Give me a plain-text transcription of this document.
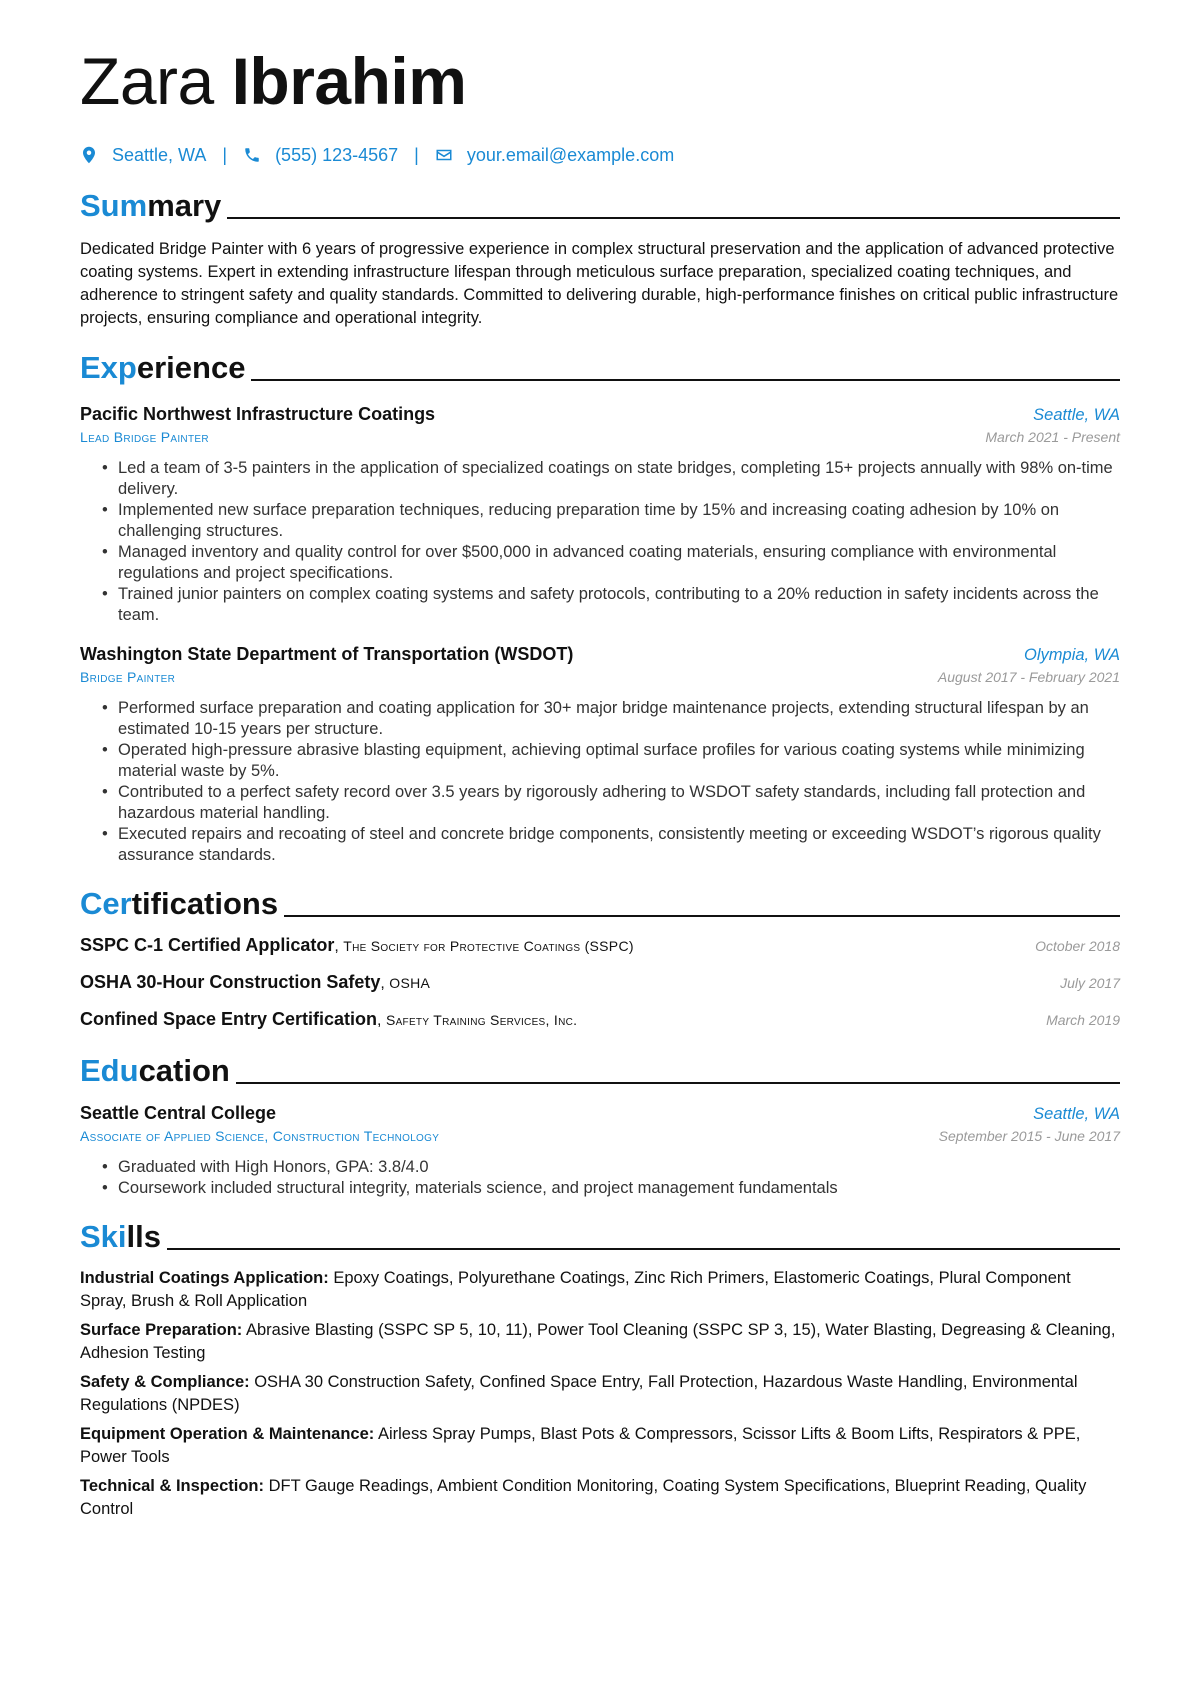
Zara Ibrahim
Seattle, WA |	(555) 123-4567 |	your.email@example.com
Summary
Dedicated Bridge Painter with 6 years of progressive experience in complex structural preservation and the application of advanced protective coating systems. Expert in extending infrastructure lifespan through meticulous surface preparation, specialized coating techniques, and adherence to stringent safety and quality standards. Committed to delivering durable, high-performance finishes on critical public infrastructure projects, ensuring compliance and operational integrity.
Experience
Pacific Northwest Infrastructure Coatings	Seattle, WA
Lead Bridge Painter	March 2021 - Present
• Led a team of 3-5 painters in the application of specialized coatings on state bridges, completing 15+ projects annually with 98% on-time delivery.
• Implemented new surface preparation techniques, reducing preparation time by 15% and increasing coating adhesion by 10% on challenging structures.
• Managed inventory and quality control for over $500,000 in advanced coating materials, ensuring compliance with environmental regulations and project specifications.
• Trained junior painters on complex coating systems and safety protocols, contributing to a 20% reduction in safety incidents across the team.
Washington State Department of Transportation (WSDOT)	Olympia, WA
Bridge Painter	August 2017 - February 2021
• Performed surface preparation and coating application for 30+ major bridge maintenance projects, extending structural lifespan by an estimated 10-15 years per structure.
• Operated high-pressure abrasive blasting equipment, achieving optimal surface profiles for various coating systems while minimizing material waste by 5%.
• Contributed to a perfect safety record over 3.5 years by rigorously adhering to WSDOT safety standards, including fall protection and hazardous material handling.
• Executed repairs and recoating of steel and concrete bridge components, consistently meeting or exceeding WSDOT’s rigorous quality assurance standards.
Certifications
SSPC C-1 Certified Applicator, The Society for Protective Coatings (SSPC)	October 2018
OSHA 30-Hour Construction Safety, OSHA	July 2017
Confined Space Entry Certification, Safety Training Services, Inc.	March 2019
Education
Seattle Central College	Seattle, WA
Associate of Applied Science, Construction Technology	September 2015 - June 2017
• Graduated with High Honors, GPA: 3.8/4.0
• Coursework included structural integrity, materials science, and project management fundamentals
Skills
Industrial Coatings Application: Epoxy Coatings, Polyurethane Coatings, Zinc Rich Primers, Elastomeric Coatings, Plural Component Spray, Brush & Roll Application
Surface Preparation: Abrasive Blasting (SSPC SP 5, 10, 11), Power Tool Cleaning (SSPC SP 3, 15), Water Blasting, Degreasing & Cleaning, Adhesion Testing
Safety & Compliance: OSHA 30 Construction Safety, Confined Space Entry, Fall Protection, Hazardous Waste Handling, Environmental Regulations (NPDES)
Equipment Operation & Maintenance: Airless Spray Pumps, Blast Pots & Compressors, Scissor Lifts & Boom Lifts, Respirators & PPE, Power Tools
Technical & Inspection: DFT Gauge Readings, Ambient Condition Monitoring, Coating System Specifications, Blueprint Reading, Quality Control
